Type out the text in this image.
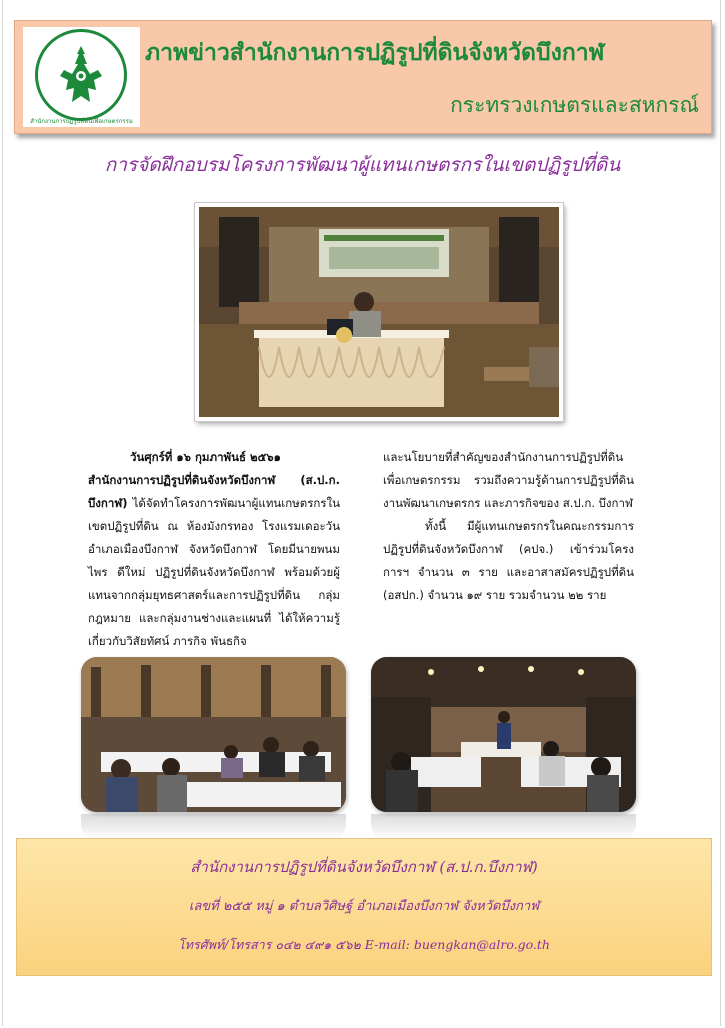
สำนักงานการปฏิรูปที่ดินเพื่อเกษตรกรรม
ภาพข่าวสำนักงานการปฏิรูปที่ดินจังหวัดบึงกาฬ
กระทรวงเกษตรและสหกรณ์
การจัดฝึกอบรมโครงการพัฒนาผู้แทนเกษตรกรในเขตปฏิรูปที่ดิน
วันศุกร์ที่ ๑๖ กุมภาพันธ์ ๒๕๖๑
สำนักงานการปฏิรูปที่ดินจังหวัดบึงกาฬ (ส.ป.ก. บึงกาฬ) ได้จัดทำโครงการพัฒนาผู้แทนเกษตรกรในเขตปฏิรูปที่ดิน ณ ห้องมังกรทอง โรงแรมเดอะวัน อำเภอเมืองบึงกาฬ จังหวัดบึงกาฬ โดยมีนายพนมไพร ดีใหม่ ปฏิรูปที่ดินจังหวัดบึงกาฬ พร้อมด้วยผู้แทนจากกลุ่มยุทธศาสตร์และการปฏิรูปที่ดิน กลุ่มกฎหมาย และกลุ่มงานช่างและแผนที่ ได้ให้ความรู้เกี่ยวกับวิสัยทัศน์ ภารกิจ พันธกิจ
และนโยบายที่สำคัญของสำนักงานการปฏิรูปที่ดินเพื่อเกษตรกรรม รวมถึงความรู้ด้านการปฏิรูปที่ดิน งานพัฒนาเกษตรกร และภารกิจของ ส.ป.ก. บึงกาฬ
ทั้งนี้ มีผู้แทนเกษตรกรในคณะกรรมการปฏิรูปที่ดินจังหวัดบึงกาฬ (คปจ.) เข้าร่วมโครงการฯ จำนวน ๓ ราย และอาสาสมัครปฏิรูปที่ดิน (อสปก.) จำนวน ๑๙ ราย รวมจำนวน ๒๒ ราย
สำนักงานการปฏิรูปที่ดินจังหวัดบึงกาฬ (ส.ป.ก.บึงกาฬ)
เลขที่ ๒๕๕ หมู่ ๑ ตำบลวิศิษฐ์ อำเภอเมืองบึงกาฬ จังหวัดบึงกาฬ
โทรศัพท์/โทรสาร ๐๔๒ ๔๙๑ ๕๖๒ E-mail: buengkan@alro.go.th
